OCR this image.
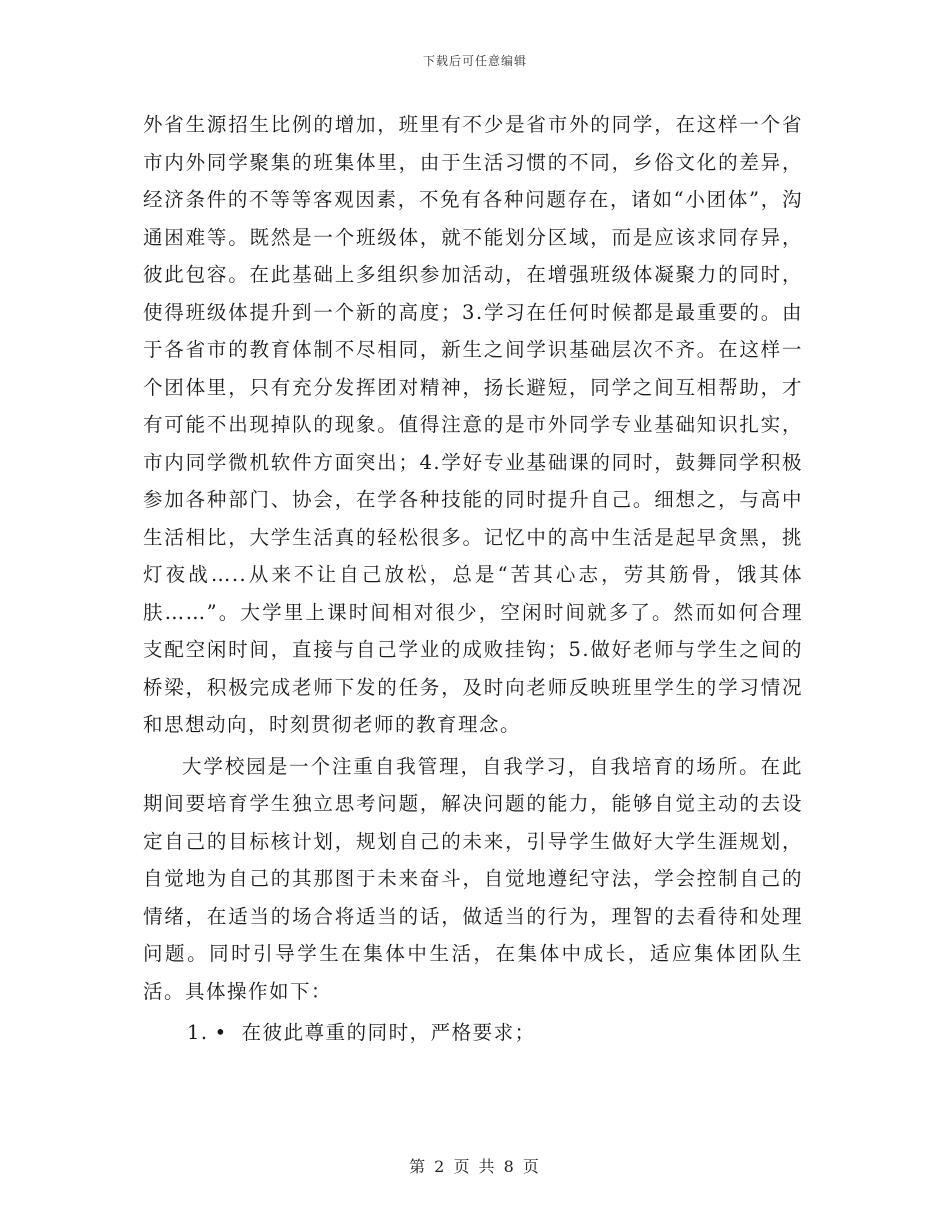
下载后可任意编辑

外省生源招生比例的增加，班里有不少是省市外的同学，在这样一个省市内外同学聚集的班集体里，由于生活习惯的不同，乡俗文化的差异，经济条件的不等等客观因素，不免有各种问题存在，诸如“小团体”，沟通困难等。既然是一个班级体，就不能划分区域，而是应该求同存异，彼此包容。在此基础上多组织参加活动，在增强班级体凝聚力的同时，使得班级体提升到一个新的高度；3.学习在任何时候都是最重要的。由于各省市的教育体制不尽相同，新生之间学识基础层次不齐。在这样一个团体里，只有充分发挥团对精神，扬长避短，同学之间互相帮助，才有可能不出现掉队的现象。值得注意的是市外同学专业基础知识扎实，市内同学微机软件方面突出；4.学好专业基础课的同时，鼓舞同学积极参加各种部门、协会，在学各种技能的同时提升自己。细想之，与高中生活相比，大学生活真的轻松很多。记忆中的高中生活是起早贪黑，挑灯夜战…..从来不让自己放松，总是“苦其心志，劳其筋骨，饿其体肤……”。大学里上课时间相对很少，空闲时间就多了。然而如何合理支配空闲时间，直接与自己学业的成败挂钩；5.做好老师与学生之间的桥梁，积极完成老师下发的任务，及时向老师反映班里学生的学习情况和思想动向，时刻贯彻老师的教育理念。

大学校园是一个注重自我管理，自我学习，自我培育的场所。在此期间要培育学生独立思考问题，解决问题的能力，能够自觉主动的去设定自己的目标核计划，规划自己的未来，引导学生做好大学生涯规划，自觉地为自己的其那图于未来奋斗，自觉地遵纪守法，学会控制自己的情绪，在适当的场合将适当的话，做适当的行为，理智的去看待和处理问题。同时引导学生在集体中生活，在集体中成长，适应集体团队生活。具体操作如下：

1. • 在彼此尊重的同时，严格要求；
第 2 页 共 8 页
